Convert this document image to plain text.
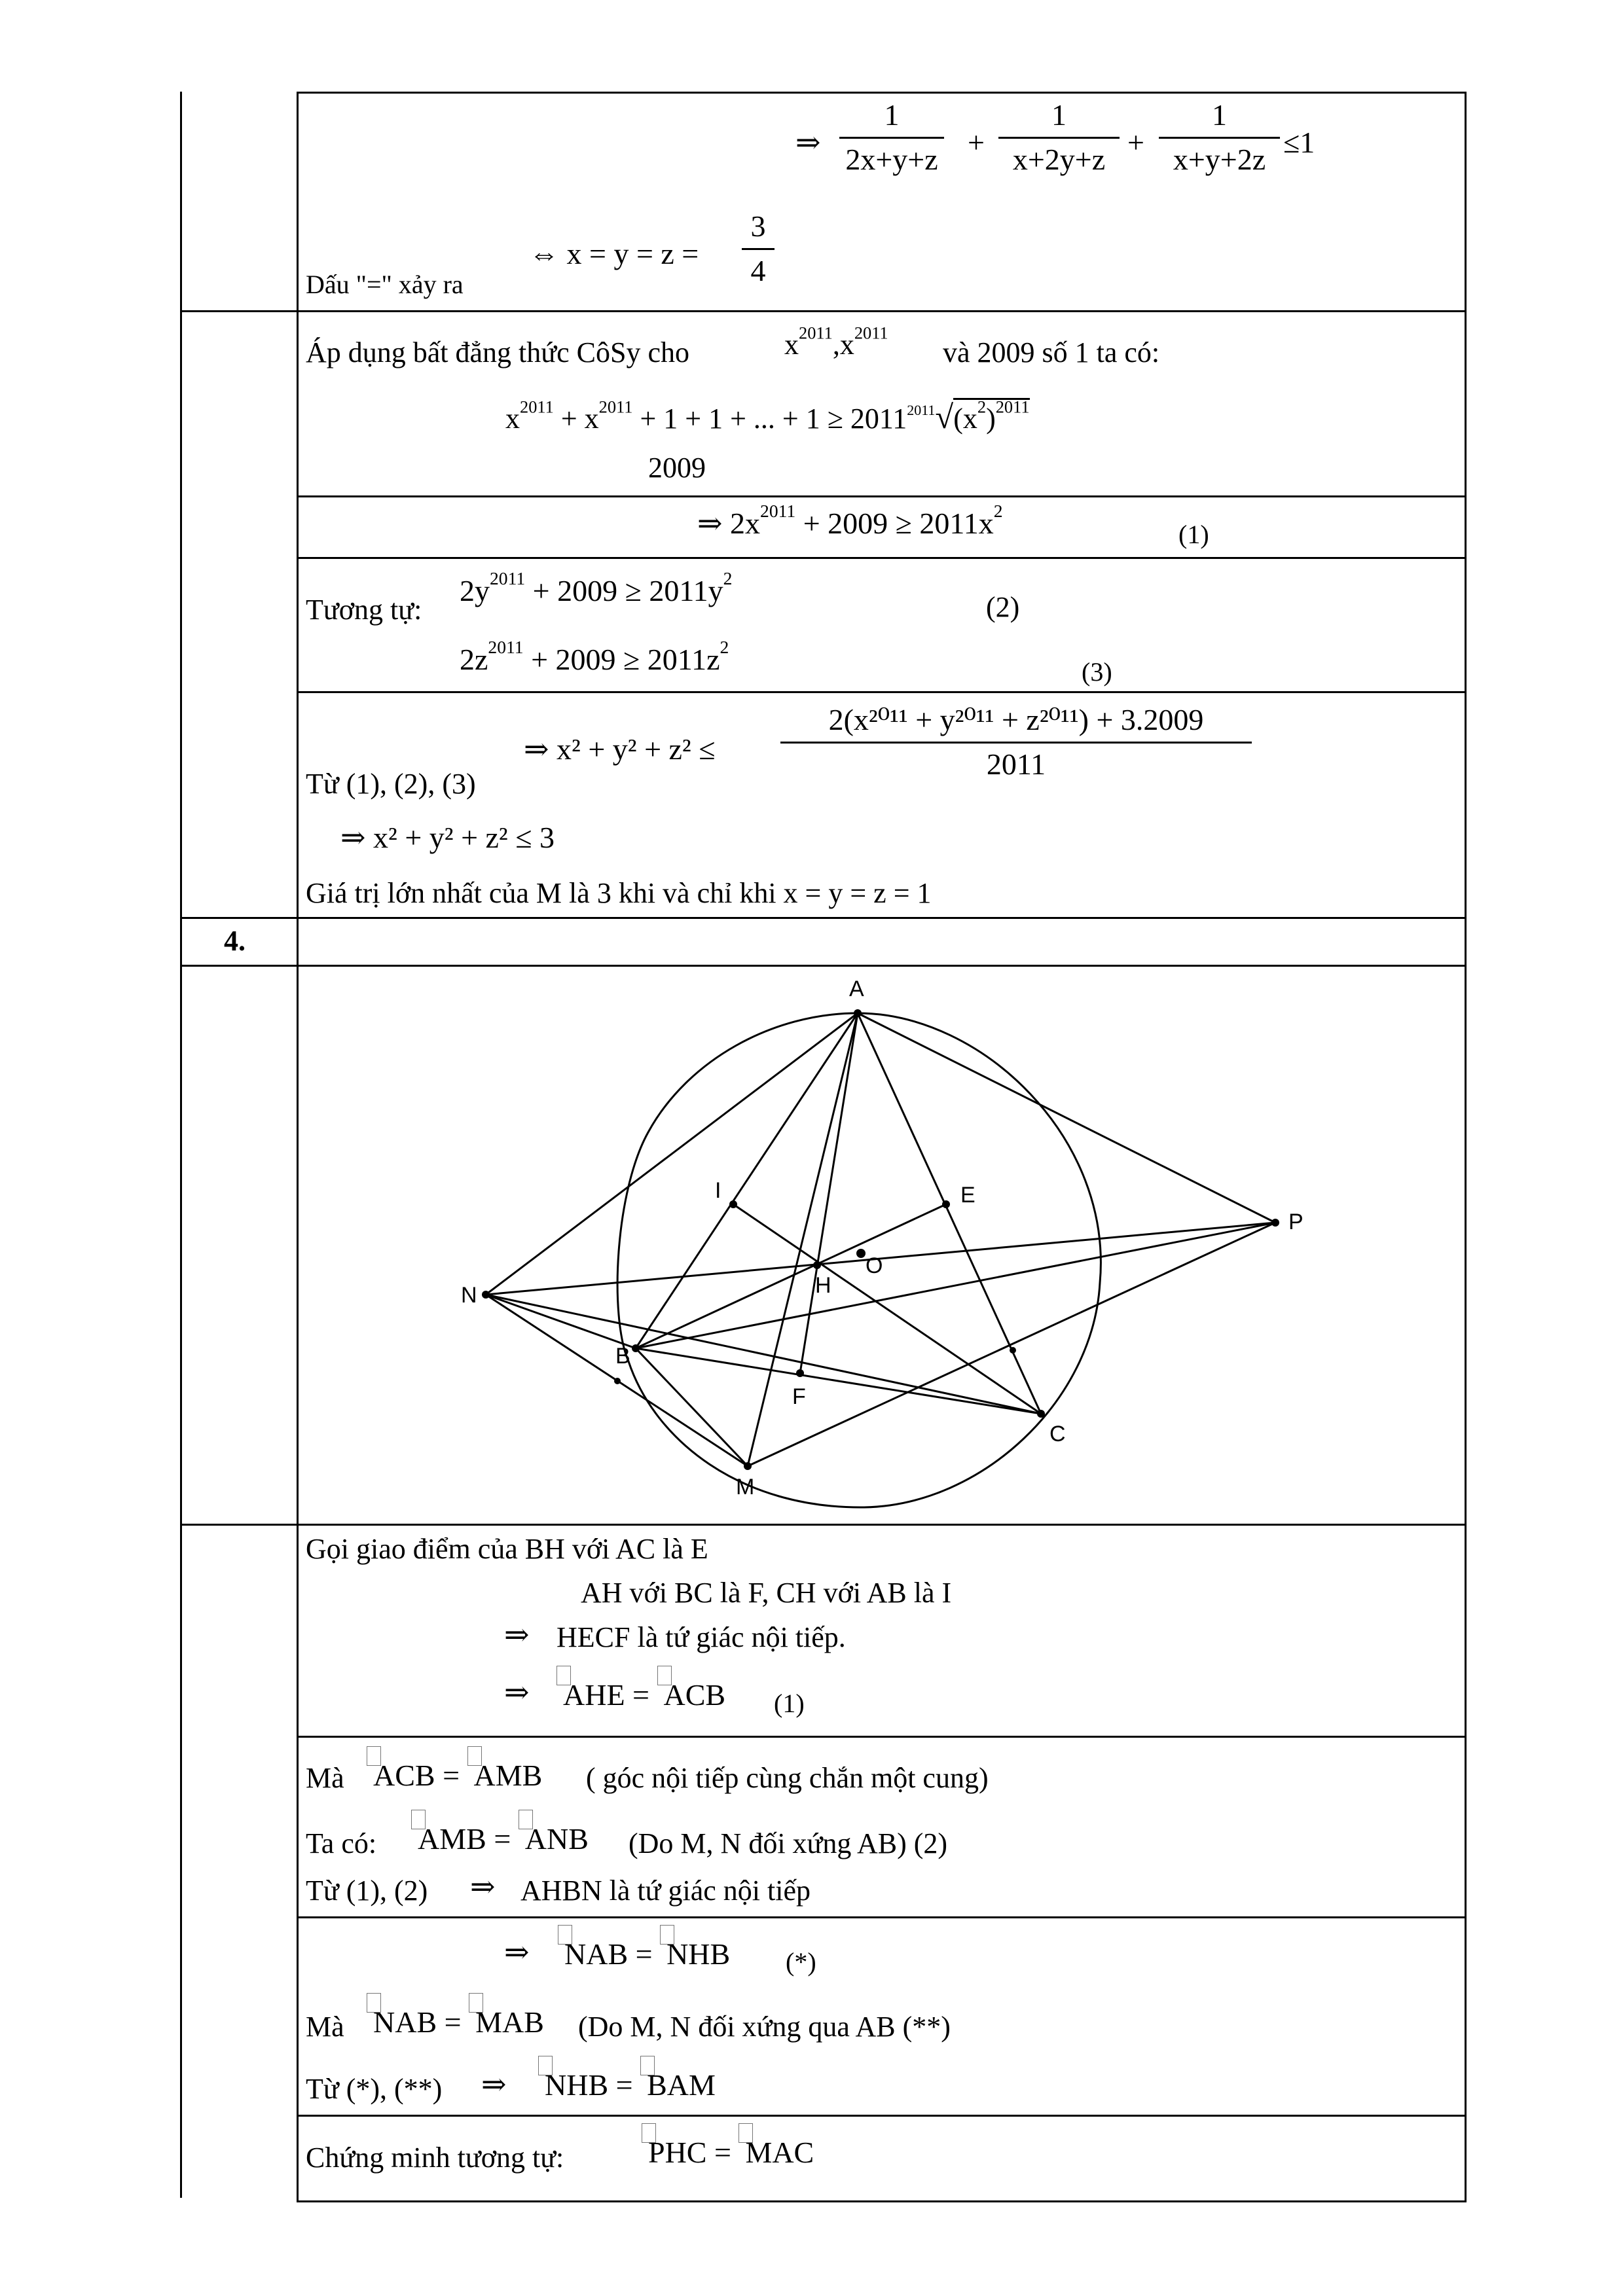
⇒
1
2x+y+z
+
1
x+2y+z
+
1
x+y+2z
≤1
Dấu "=" xảy ra
⇔ x = y = z =
3
4
Áp dụng bất đẳng thức CôSy cho	$x^{2011},x^{2011}$
và 2009 số 1 ta có:
$x^{2011} + x^{2011} + 1 + 1$ + ... + $1 \ge 2011^{2011}√(x^2)^{2011}$
2009
⇒ $2x^{2011} + 2009 \ge 2011x^2$
(1)
Tương tự:
$2y^{2011} + 2009 \ge 2011y^2$
(2)
$2z^{2011} + 2009 \ge 2011z^2$
(3)
Từ (1), (2), (3)
⇒ x² + y² + z² ≤
2(x²⁰¹¹ + y²⁰¹¹ + z²⁰¹¹) + 3.2009
2011
⇒ x² + y² + z² ≤ 3
Giá trị lớn nhất của M là 3 khi và chỉ khi x = y = z = 1
4.
A
B
C
E
F
H
I
M
N
O
P
Gọi giao điểm của BH với AC là E
AH với BC là F, CH với AB là I
⇒ HECF là tứ giác nội tiếp.
⇒ AHE = ACB (1)
Mà ACB = AMB ( góc nội tiếp cùng chắn một cung)
Ta có: AMB = ANB (Do M, N đối xứng AB) (2)
Từ (1), (2) ⇒ AHBN là tứ giác nội tiếp
⇒ NAB = NHB (*)
Mà NAB = MAB (Do M, N đối xứng qua AB (**)
Từ (*), (**) ⇒ NHB = BAM
Chứng minh tương tự:	PHC = MAC
